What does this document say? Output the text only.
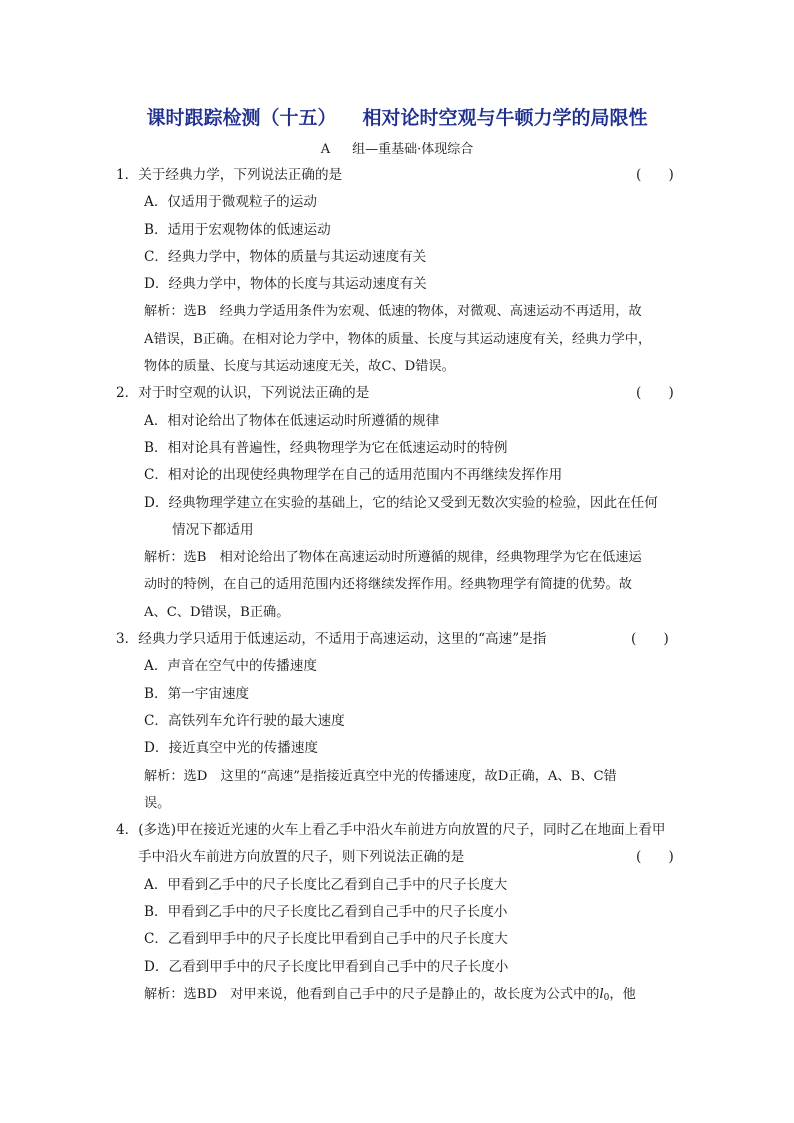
课时跟踪检测（十五） 相对论时空观与牛顿力学的局限性
A 组—重基础·体现综合
1．关于经典力学，下列说法正确的是	(　　)
A．仅适用于微观粒子的运动
B．适用于宏观物体的低速运动
C．经典力学中，物体的质量与其运动速度有关
D．经典力学中，物体的长度与其运动速度有关
解析：选B　经典力学适用条件为宏观、低速的物体，对微观、高速运动不再适用，故
A错误，B正确。在相对论力学中，物体的质量、长度与其运动速度有关，经典力学中，
物体的质量、长度与其运动速度无关，故C、D错误。
2．对于时空观的认识，下列说法正确的是	(　　)
A．相对论给出了物体在低速运动时所遵循的规律
B．相对论具有普遍性，经典物理学为它在低速运动时的特例
C．相对论的出现使经典物理学在自己的适用范围内不再继续发挥作用
D．经典物理学建立在实验的基础上，它的结论又受到无数次实验的检验，因此在任何
情况下都适用
解析：选B　相对论给出了物体在高速运动时所遵循的规律，经典物理学为它在低速运
动时的特例，在自己的适用范围内还将继续发挥作用。经典物理学有简捷的优势。故
A、C、D错误，B正确。
3．经典力学只适用于低速运动，不适用于高速运动，这里的“高速”是指	(　　)
A．声音在空气中的传播速度
B．第一宇宙速度
C．高铁列车允许行驶的最大速度
D．接近真空中光的传播速度
解析：选D　这里的“高速”是指接近真空中光的传播速度，故D正确，A、B、C错
误。
4．(多选)甲在接近光速的火车上看乙手中沿火车前进方向放置的尺子，同时乙在地面上看甲
手中沿火车前进方向放置的尺子，则下列说法正确的是	(　　)
A．甲看到乙手中的尺子长度比乙看到自己手中的尺子长度大
B．甲看到乙手中的尺子长度比乙看到自己手中的尺子长度小
C．乙看到甲手中的尺子长度比甲看到自己手中的尺子长度大
D．乙看到甲手中的尺子长度比甲看到自己手中的尺子长度小
解析：选BD　对甲来说，他看到自己手中的尺子是静止的，故长度为公式中的l0，他
